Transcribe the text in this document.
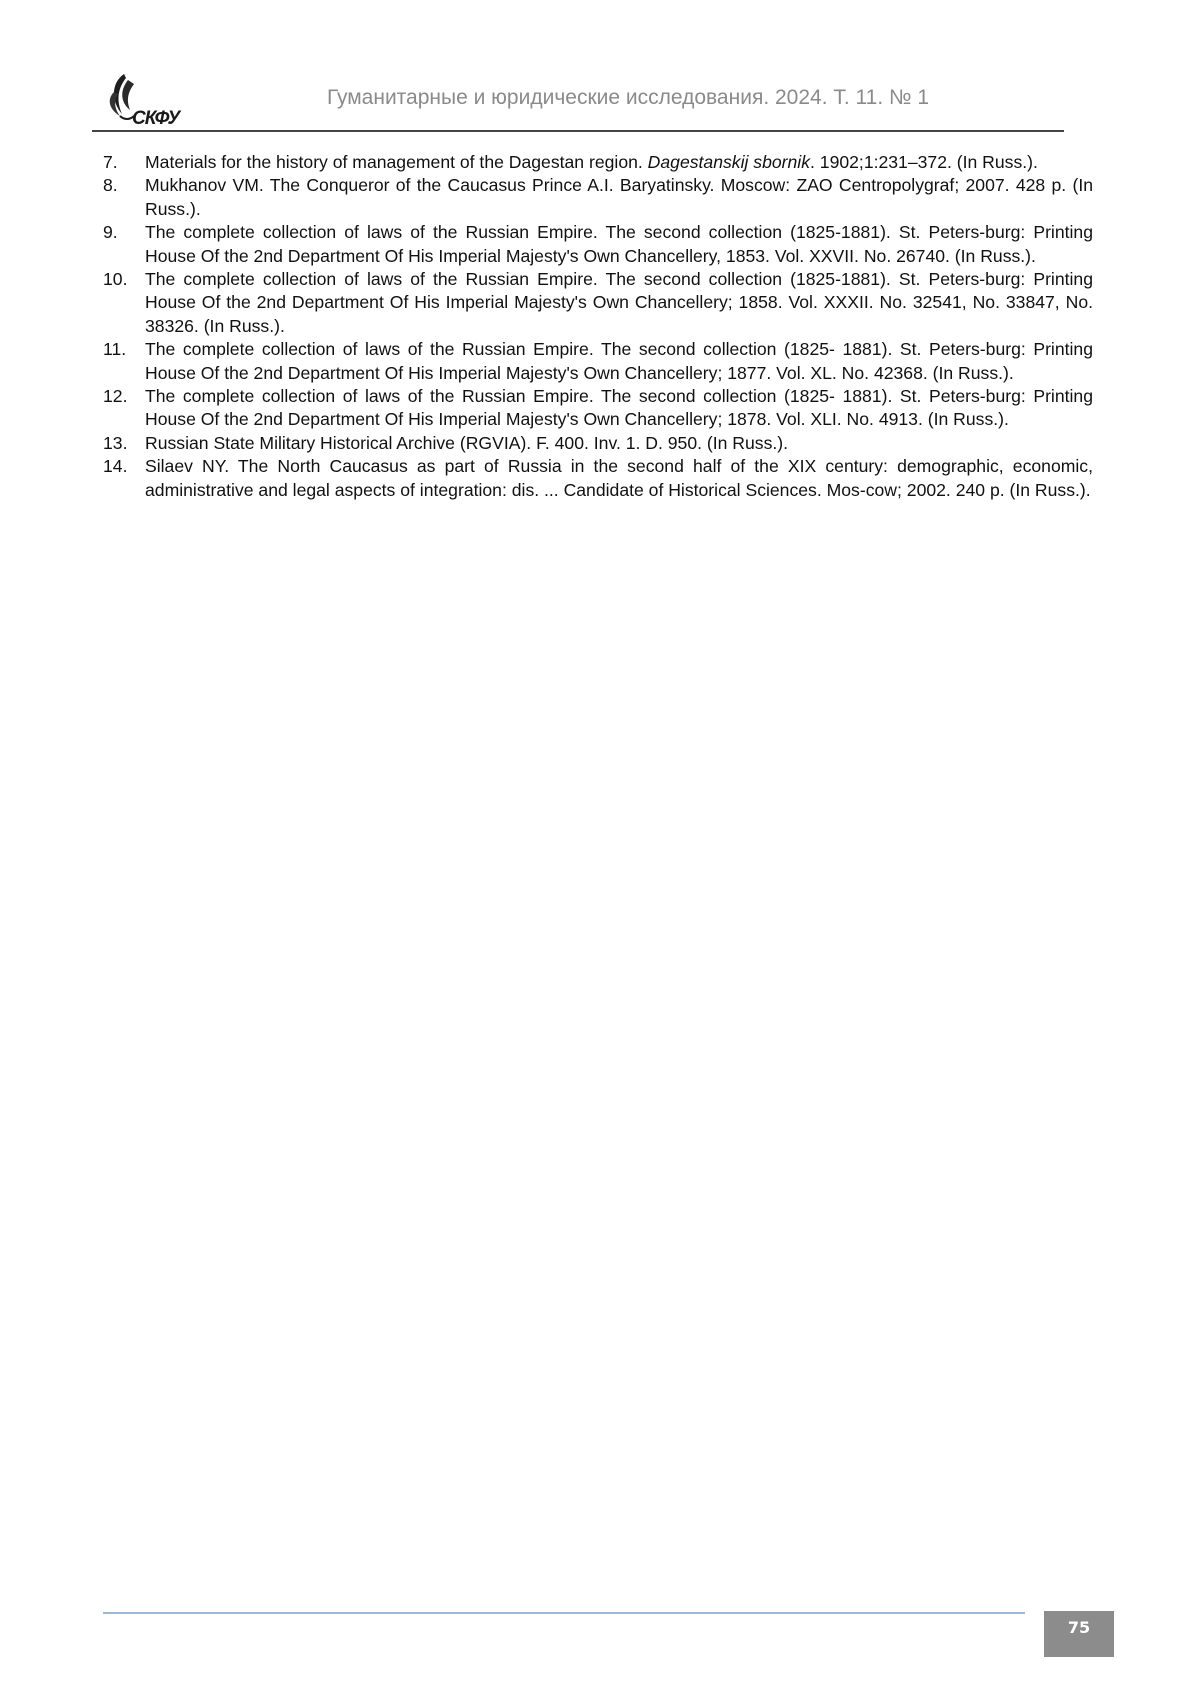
СКФУ
Гуманитарные и юридические исследования. 2024. Т. 11. № 1
7. Materials for the history of management of the Dagestan region. Dagestanskij sbornik. 1902;1:231–372. (In Russ.).
8. Mukhanov VM. The Conqueror of the Caucasus Prince A.I. Baryatinsky. Moscow: ZAO Centropolygraf; 2007. 428 p. (In Russ.).
9. The complete collection of laws of the Russian Empire. The second collection (1825-1881). St. Peters-burg: Printing House Of the 2nd Department Of His Imperial Majesty's Own Chancellery, 1853. Vol. XXVII. No. 26740. (In Russ.).
10. The complete collection of laws of the Russian Empire. The second collection (1825-1881). St. Peters-burg: Printing House Of the 2nd Department Of His Imperial Majesty's Own Chancellery; 1858. Vol. XXXII. No. 32541, No. 33847, No. 38326. (In Russ.).
11. The complete collection of laws of the Russian Empire. The second collection (1825- 1881). St. Peters-burg: Printing House Of the 2nd Department Of His Imperial Majesty's Own Chancellery; 1877. Vol. XL. No. 42368. (In Russ.).
12. The complete collection of laws of the Russian Empire. The second collection (1825- 1881). St. Peters-burg: Printing House Of the 2nd Department Of His Imperial Majesty's Own Chancellery; 1878. Vol. XLI. No. 4913. (In Russ.).
13. Russian State Military Historical Archive (RGVIA). F. 400. Inv. 1. D. 950. (In Russ.).
14. Silaev NY. The North Caucasus as part of Russia in the second half of the XIX century: demographic, economic, administrative and legal aspects of integration: dis. ... Candidate of Historical Sciences. Mos-cow; 2002. 240 p. (In Russ.).
75
